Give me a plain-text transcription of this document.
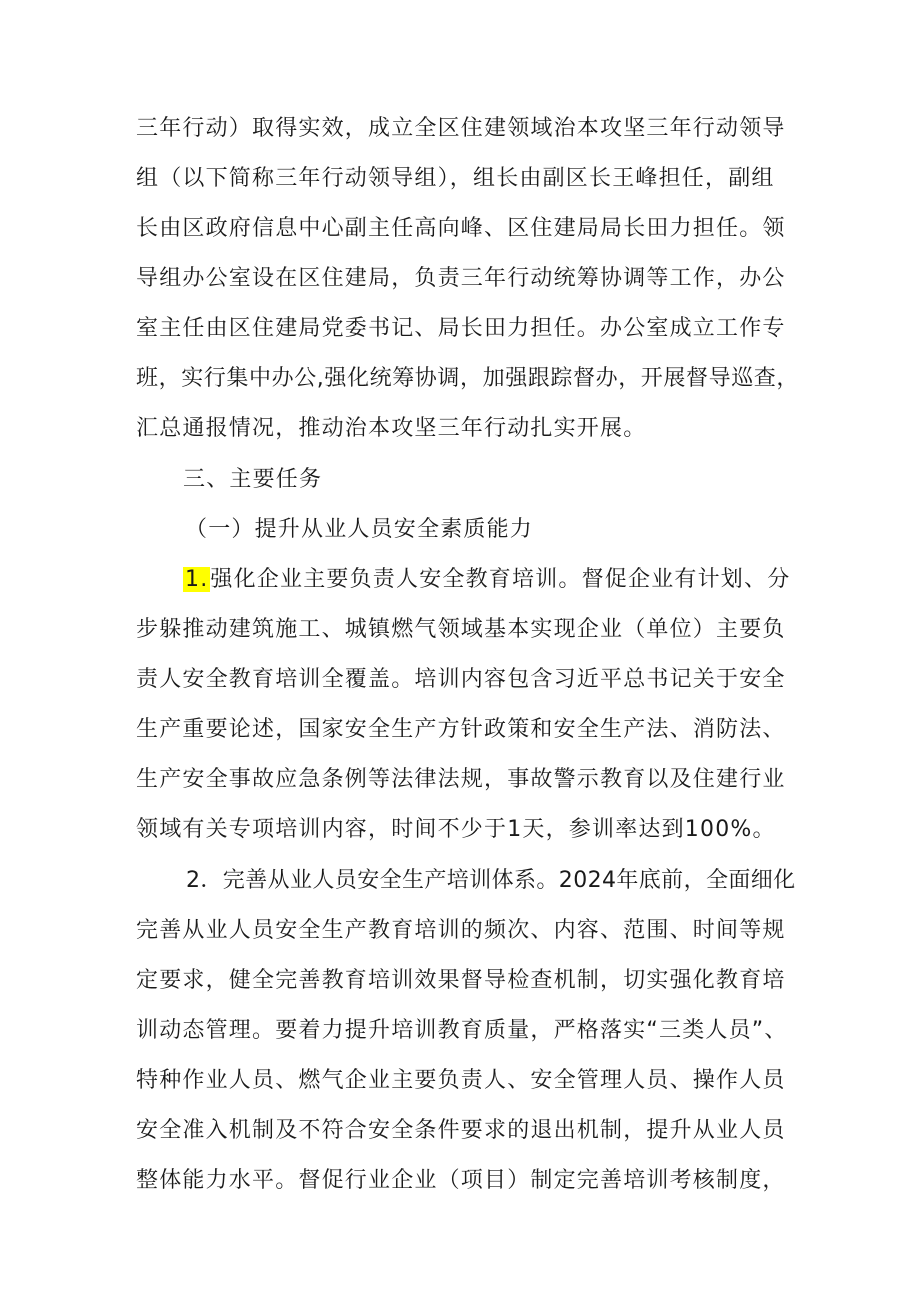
三年行动）取得实效，成立全区住建领域治本攻坚三年行动领导
组（以下简称三年行动领导组），组长由副区长王峰担任，副组
长由区政府信息中心副主任高向峰、区住建局局长田力担任。领
导组办公室设在区住建局，负责三年行动统筹协调等工作，办公
室主任由区住建局党委书记、局长田力担任。办公室成立工作专
班，实行集中办公,强化统筹协调，加强跟踪督办，开展督导巡查，
汇总通报情况，推动治本攻坚三年行动扎实开展。
三、主要任务
（一）提升从业人员安全素质能力
1.强化企业主要负责人安全教育培训。督促企业有计划、分
步躲推动建筑施工、城镇燃气领域基本实现企业（单位）主要负
责人安全教育培训全覆盖。培训内容包含习近平总书记关于安全
生产重要论述，国家安全生产方针政策和安全生产法、消防法、
生产安全事故应急条例等法律法规，事故警示教育以及住建行业
领域有关专项培训内容，时间不少于1天，参训率达到100%。
2．完善从业人员安全生产培训体系。2024年底前，全面细化
完善从业人员安全生产教育培训的频次、内容、范围、时间等规
定要求，健全完善教育培训效果督导检查机制，切实强化教育培
训动态管理。要着力提升培训教育质量，严格落实“三类人员”、
特种作业人员、燃气企业主要负责人、安全管理人员、操作人员
安全准入机制及不符合安全条件要求的退出机制，提升从业人员
整体能力水平。督促行业企业（项目）制定完善培训考核制度，
